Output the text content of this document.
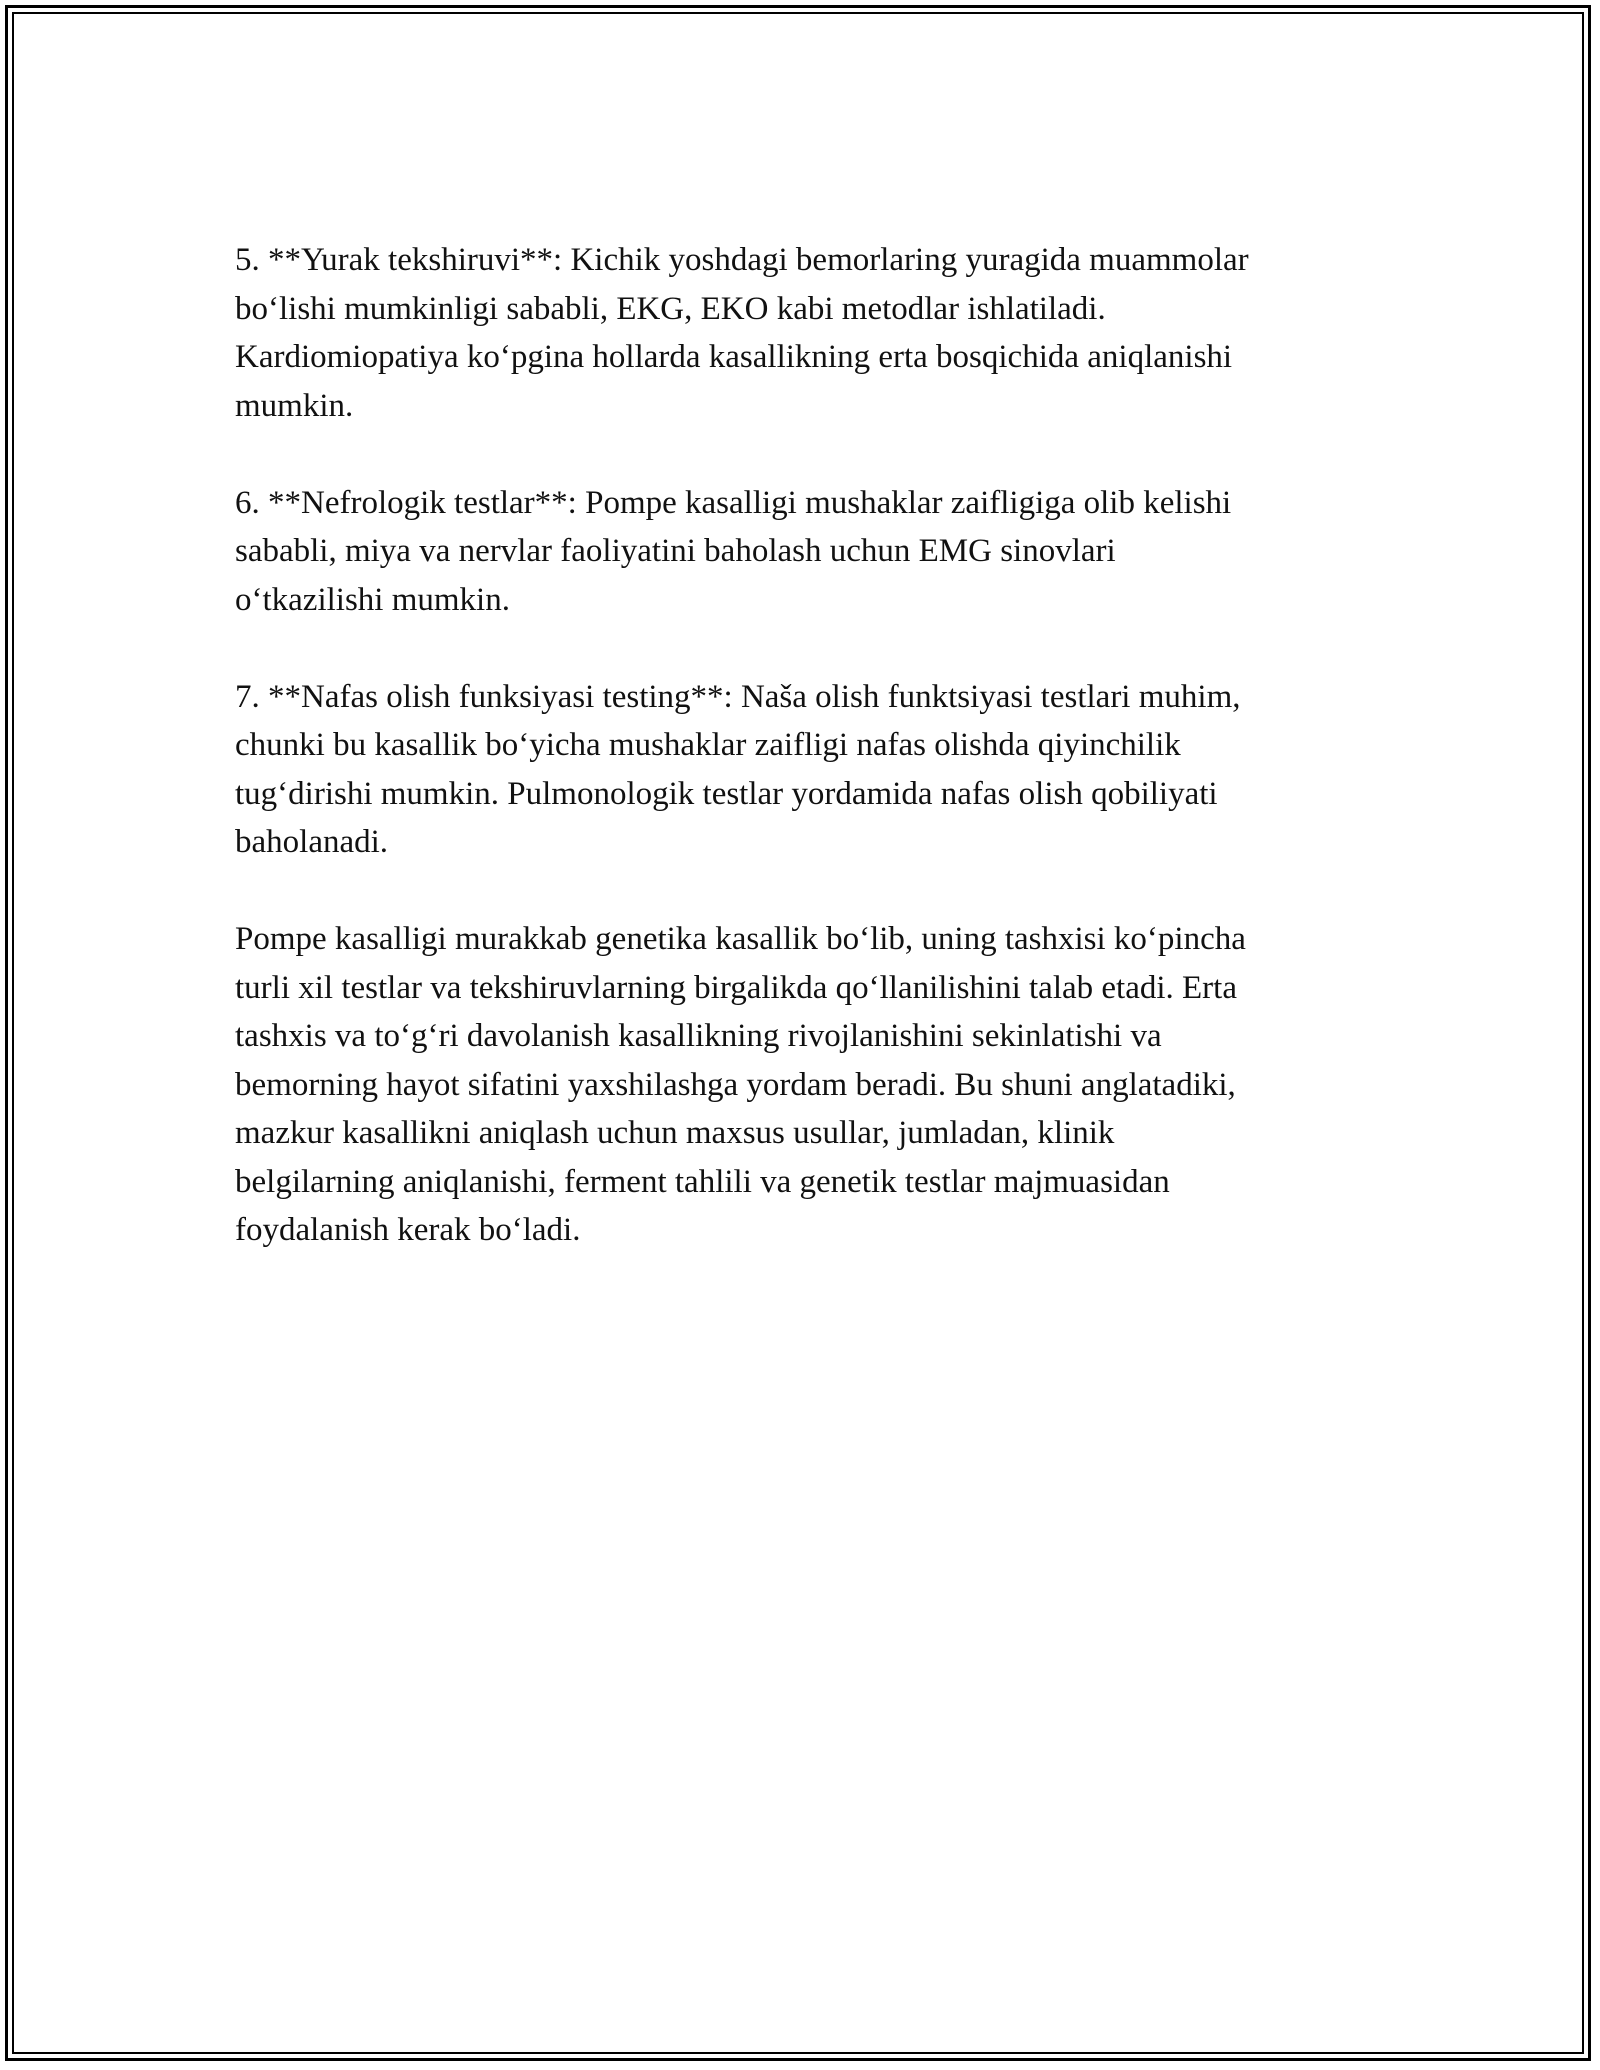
5. **Yurak tekshiruvi**: Kichik yoshdagi bemorlaring yuragida muammolar
bo‘lishi mumkinligi sababli, EKG, EKO kabi metodlar ishlatiladi.
Kardiomiopatiya ko‘pgina hollarda kasallikning erta bosqichida aniqlanishi
mumkin.

6. **Nefrologik testlar**: Pompe kasalligi mushaklar zaifligiga olib kelishi
sababli, miya va nervlar faoliyatini baholash uchun EMG sinovlari
o‘tkazilishi mumkin.

7. **Nafas olish funksiyasi testing**: Naša olish funktsiyasi testlari muhim,
chunki bu kasallik bo‘yicha mushaklar zaifligi nafas olishda qiyinchilik
tug‘dirishi mumkin. Pulmonologik testlar yordamida nafas olish qobiliyati
baholanadi.

Pompe kasalligi murakkab genetika kasallik bo‘lib, uning tashxisi ko‘pincha
turli xil testlar va tekshiruvlarning birgalikda qo‘llanilishini talab etadi. Erta
tashxis va to‘g‘ri davolanish kasallikning rivojlanishini sekinlatishi va
bemorning hayot sifatini yaxshilashga yordam beradi. Bu shuni anglatadiki,
mazkur kasallikni aniqlash uchun maxsus usullar, jumladan, klinik
belgilarning aniqlanishi, ferment tahlili va genetik testlar majmuasidan
foydalanish kerak bo‘ladi.
